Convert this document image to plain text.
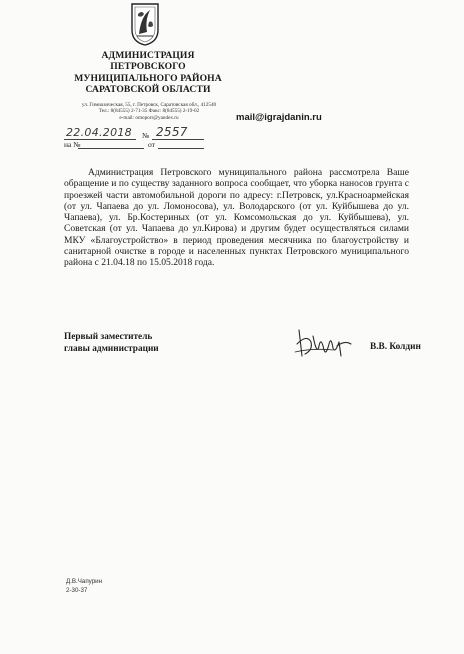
АДМИНИСТРАЦИЯ
ПЕТРОВСКОГО
МУНИЦИПАЛЬНОГО РАЙОНА
САРАТОВСКОЙ ОБЛАСТИ
ул. Гимназическая, 55, г. Петровск, Саратовская обл., 412540
Тел.: 8(84555) 2-71-35 Факс: 8(84555) 2-19-02
e-mail: omoporr@yandex.ru	mail@igrajdanin.ru
22.04.2018 № 2557
на №	от

Администрация Петровского муниципального района рассмотрела Ваше обращение и по существу заданного вопроса сообщает, что уборка наносов грунта с проезжей части автомобильной дороги по адресу: г.Петровск, ул.Красноармейская (от ул. Чапаева до ул. Ломоносова), ул. Володарского (от ул. Куйбышева до ул. Чапаева), ул. Бр.Костериных (от ул. Комсомольская до ул. Куйбышева), ул. Советская (от ул. Чапаева до ул.Кирова) и другим будет осуществляться силами МКУ «Благоустройство» в период проведения месячника по благоустройству и санитарной очистке в городе и населенных пунктах Петровского муниципального района с 21.04.18 по 15.05.2018 года.

Первый заместитель
главы администрации	В.В. Колдин
Д.В.Чапурин
2-30-37
